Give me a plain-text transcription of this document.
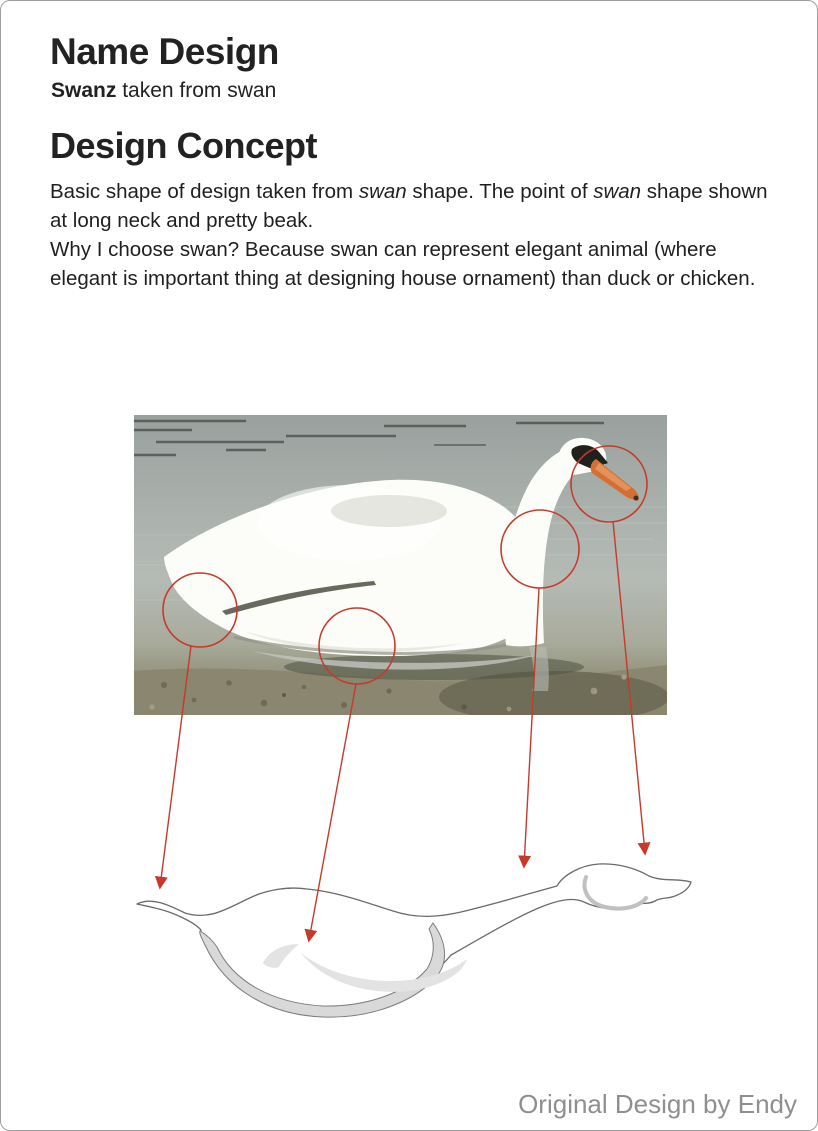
Name Design
Swanz taken from swan
Design Concept

Basic shape of design taken from swan shape. The point of swan shape shown at long neck and pretty beak.

Why I choose swan? Because swan can represent elegant animal (where elegant is important thing at designing house ornament) than duck or chicken.

Original Design by Endy
